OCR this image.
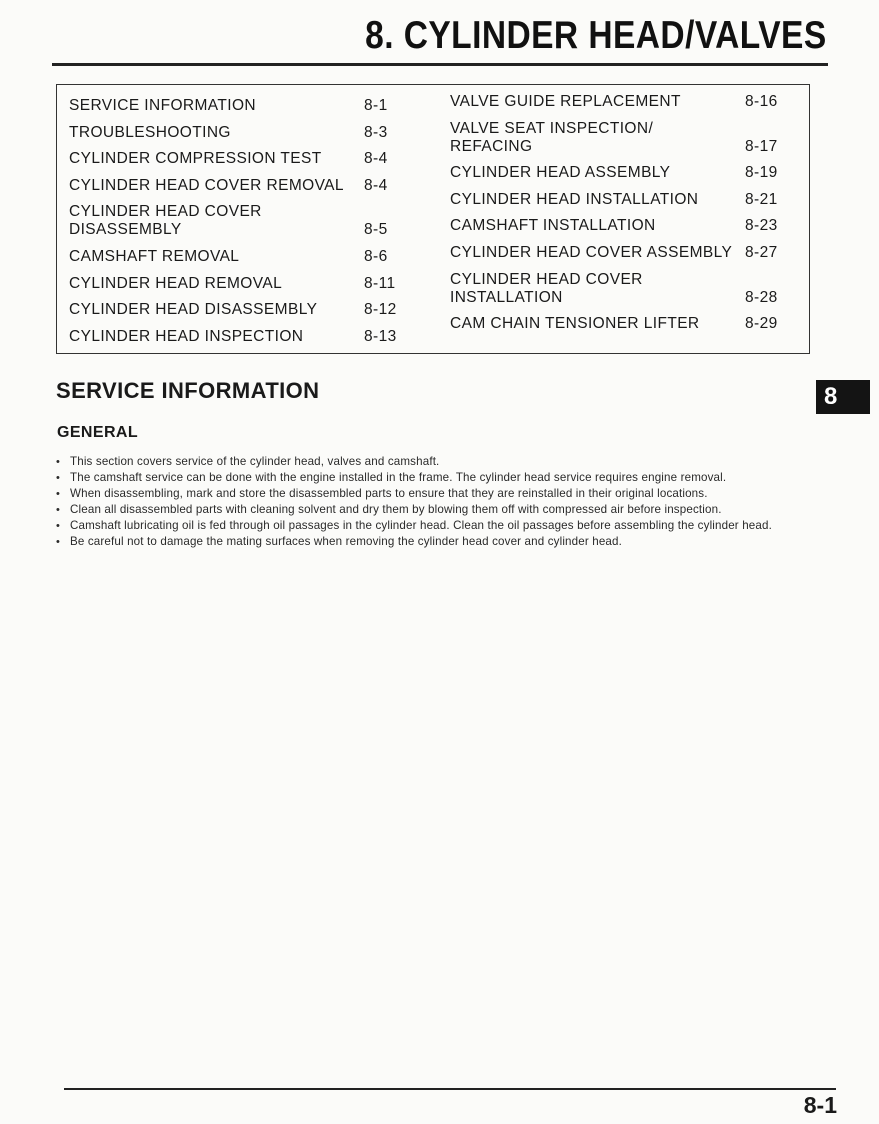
8. CYLINDER HEAD/VALVES
SERVICE INFORMATION	8-1
TROUBLESHOOTING	8-3
CYLINDER COMPRESSION TEST	8-4
CYLINDER HEAD COVER REMOVAL	8-4
CYLINDER HEAD COVER
DISASSEMBLY	8-5
CAMSHAFT REMOVAL	8-6
CYLINDER HEAD REMOVAL	8-11
CYLINDER HEAD DISASSEMBLY	8-12
CYLINDER HEAD INSPECTION	8-13
VALVE GUIDE REPLACEMENT	8-16
VALVE SEAT INSPECTION/
REFACING	8-17
CYLINDER HEAD ASSEMBLY	8-19
CYLINDER HEAD INSTALLATION	8-21
CAMSHAFT INSTALLATION	8-23
CYLINDER HEAD COVER ASSEMBLY 8-27
CYLINDER HEAD COVER
INSTALLATION	8-28
CAM CHAIN TENSIONER LIFTER	8-29
SERVICE INFORMATION	8
GENERAL
• This section covers service of the cylinder head, valves and camshaft.
• The camshaft service can be done with the engine installed in the frame. The cylinder head service requires engine removal.
• When disassembling, mark and store the disassembled parts to ensure that they are reinstalled in their original locations.
• Clean all disassembled parts with cleaning solvent and dry them by blowing them off with compressed air before inspection.
• Camshaft lubricating oil is fed through oil passages in the cylinder head. Clean the oil passages before assembling the cylinder head.
• Be careful not to damage the mating surfaces when removing the cylinder head cover and cylinder head.
8-1
